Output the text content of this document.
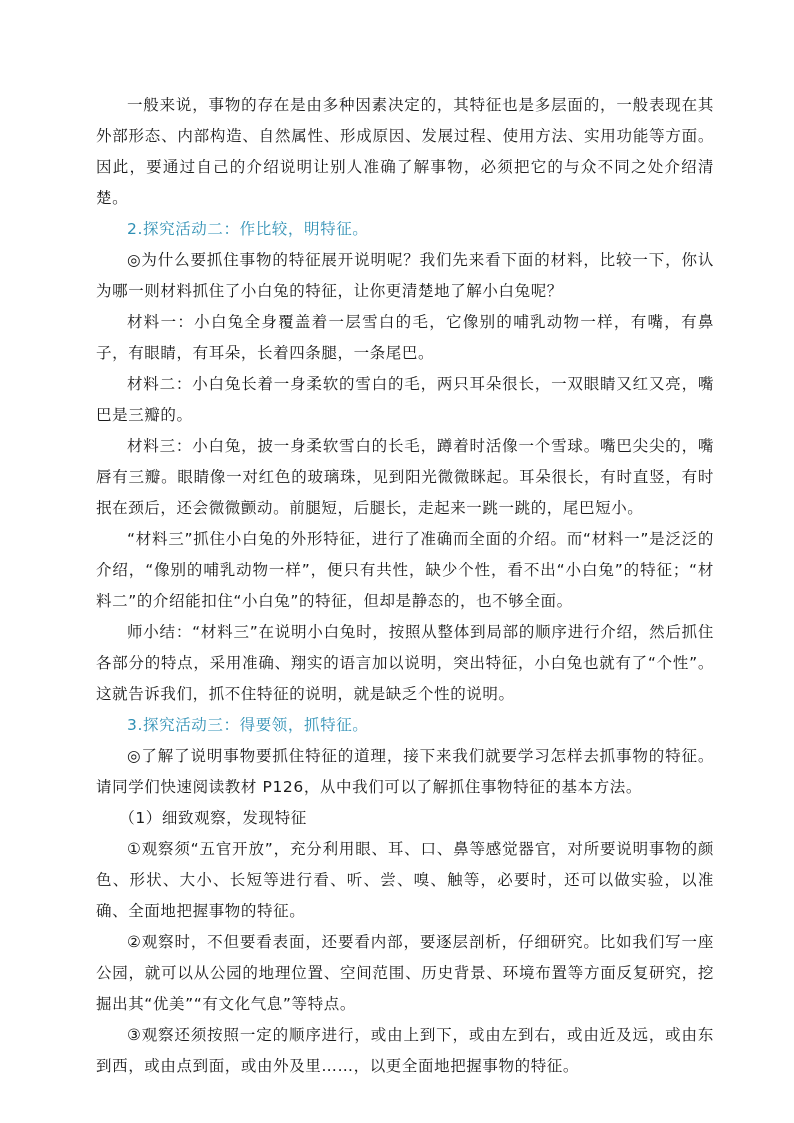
一般来说，事物的存在是由多种因素决定的，其特征也是多层面的，一般表现在其外部形态、内部构造、自然属性、形成原因、发展过程、使用方法、实用功能等方面。因此，要通过自己的介绍说明让别人准确了解事物，必须把它的与众不同之处介绍清楚。

2.探究活动二：作比较，明特征。

◎为什么要抓住事物的特征展开说明呢？我们先来看下面的材料，比较一下，你认为哪一则材料抓住了小白兔的特征，让你更清楚地了解小白兔呢？

材料一：小白兔全身覆盖着一层雪白的毛，它像别的哺乳动物一样，有嘴，有鼻子，有眼睛，有耳朵，长着四条腿，一条尾巴。

材料二：小白兔长着一身柔软的雪白的毛，两只耳朵很长，一双眼睛又红又亮，嘴巴是三瓣的。

材料三：小白兔，披一身柔软雪白的长毛，蹲着时活像一个雪球。嘴巴尖尖的，嘴唇有三瓣。眼睛像一对红色的玻璃珠，见到阳光微微眯起。耳朵很长，有时直竖，有时抿在颈后，还会微微颤动。前腿短，后腿长，走起来一跳一跳的，尾巴短小。

“材料三”抓住小白兔的外形特征，进行了准确而全面的介绍。而“材料一”是泛泛的介绍，“像别的哺乳动物一样”，便只有共性，缺少个性，看不出“小白兔”的特征；“材料二”的介绍能扣住“小白兔”的特征，但却是静态的，也不够全面。

师小结：“材料三”在说明小白兔时，按照从整体到局部的顺序进行介绍，然后抓住各部分的特点，采用准确、翔实的语言加以说明，突出特征，小白兔也就有了“个性”。这就告诉我们，抓不住特征的说明，就是缺乏个性的说明。

3.探究活动三：得要领，抓特征。

◎了解了说明事物要抓住特征的道理，接下来我们就要学习怎样去抓事物的特征。请同学们快速阅读教材 P126，从中我们可以了解抓住事物特征的基本方法。

（1）细致观察，发现特征

①观察须“五官开放”，充分利用眼、耳、口、鼻等感觉器官，对所要说明事物的颜色、形状、大小、长短等进行看、听、尝、嗅、触等，必要时，还可以做实验，以准确、全面地把握事物的特征。

②观察时，不但要看表面，还要看内部，要逐层剖析，仔细研究。比如我们写一座公园，就可以从公园的地理位置、空间范围、历史背景、环境布置等方面反复研究，挖掘出其“优美”“有文化气息”等特点。

③观察还须按照一定的顺序进行，或由上到下，或由左到右，或由近及远，或由东到西，或由点到面，或由外及里……，以更全面地把握事物的特征。
